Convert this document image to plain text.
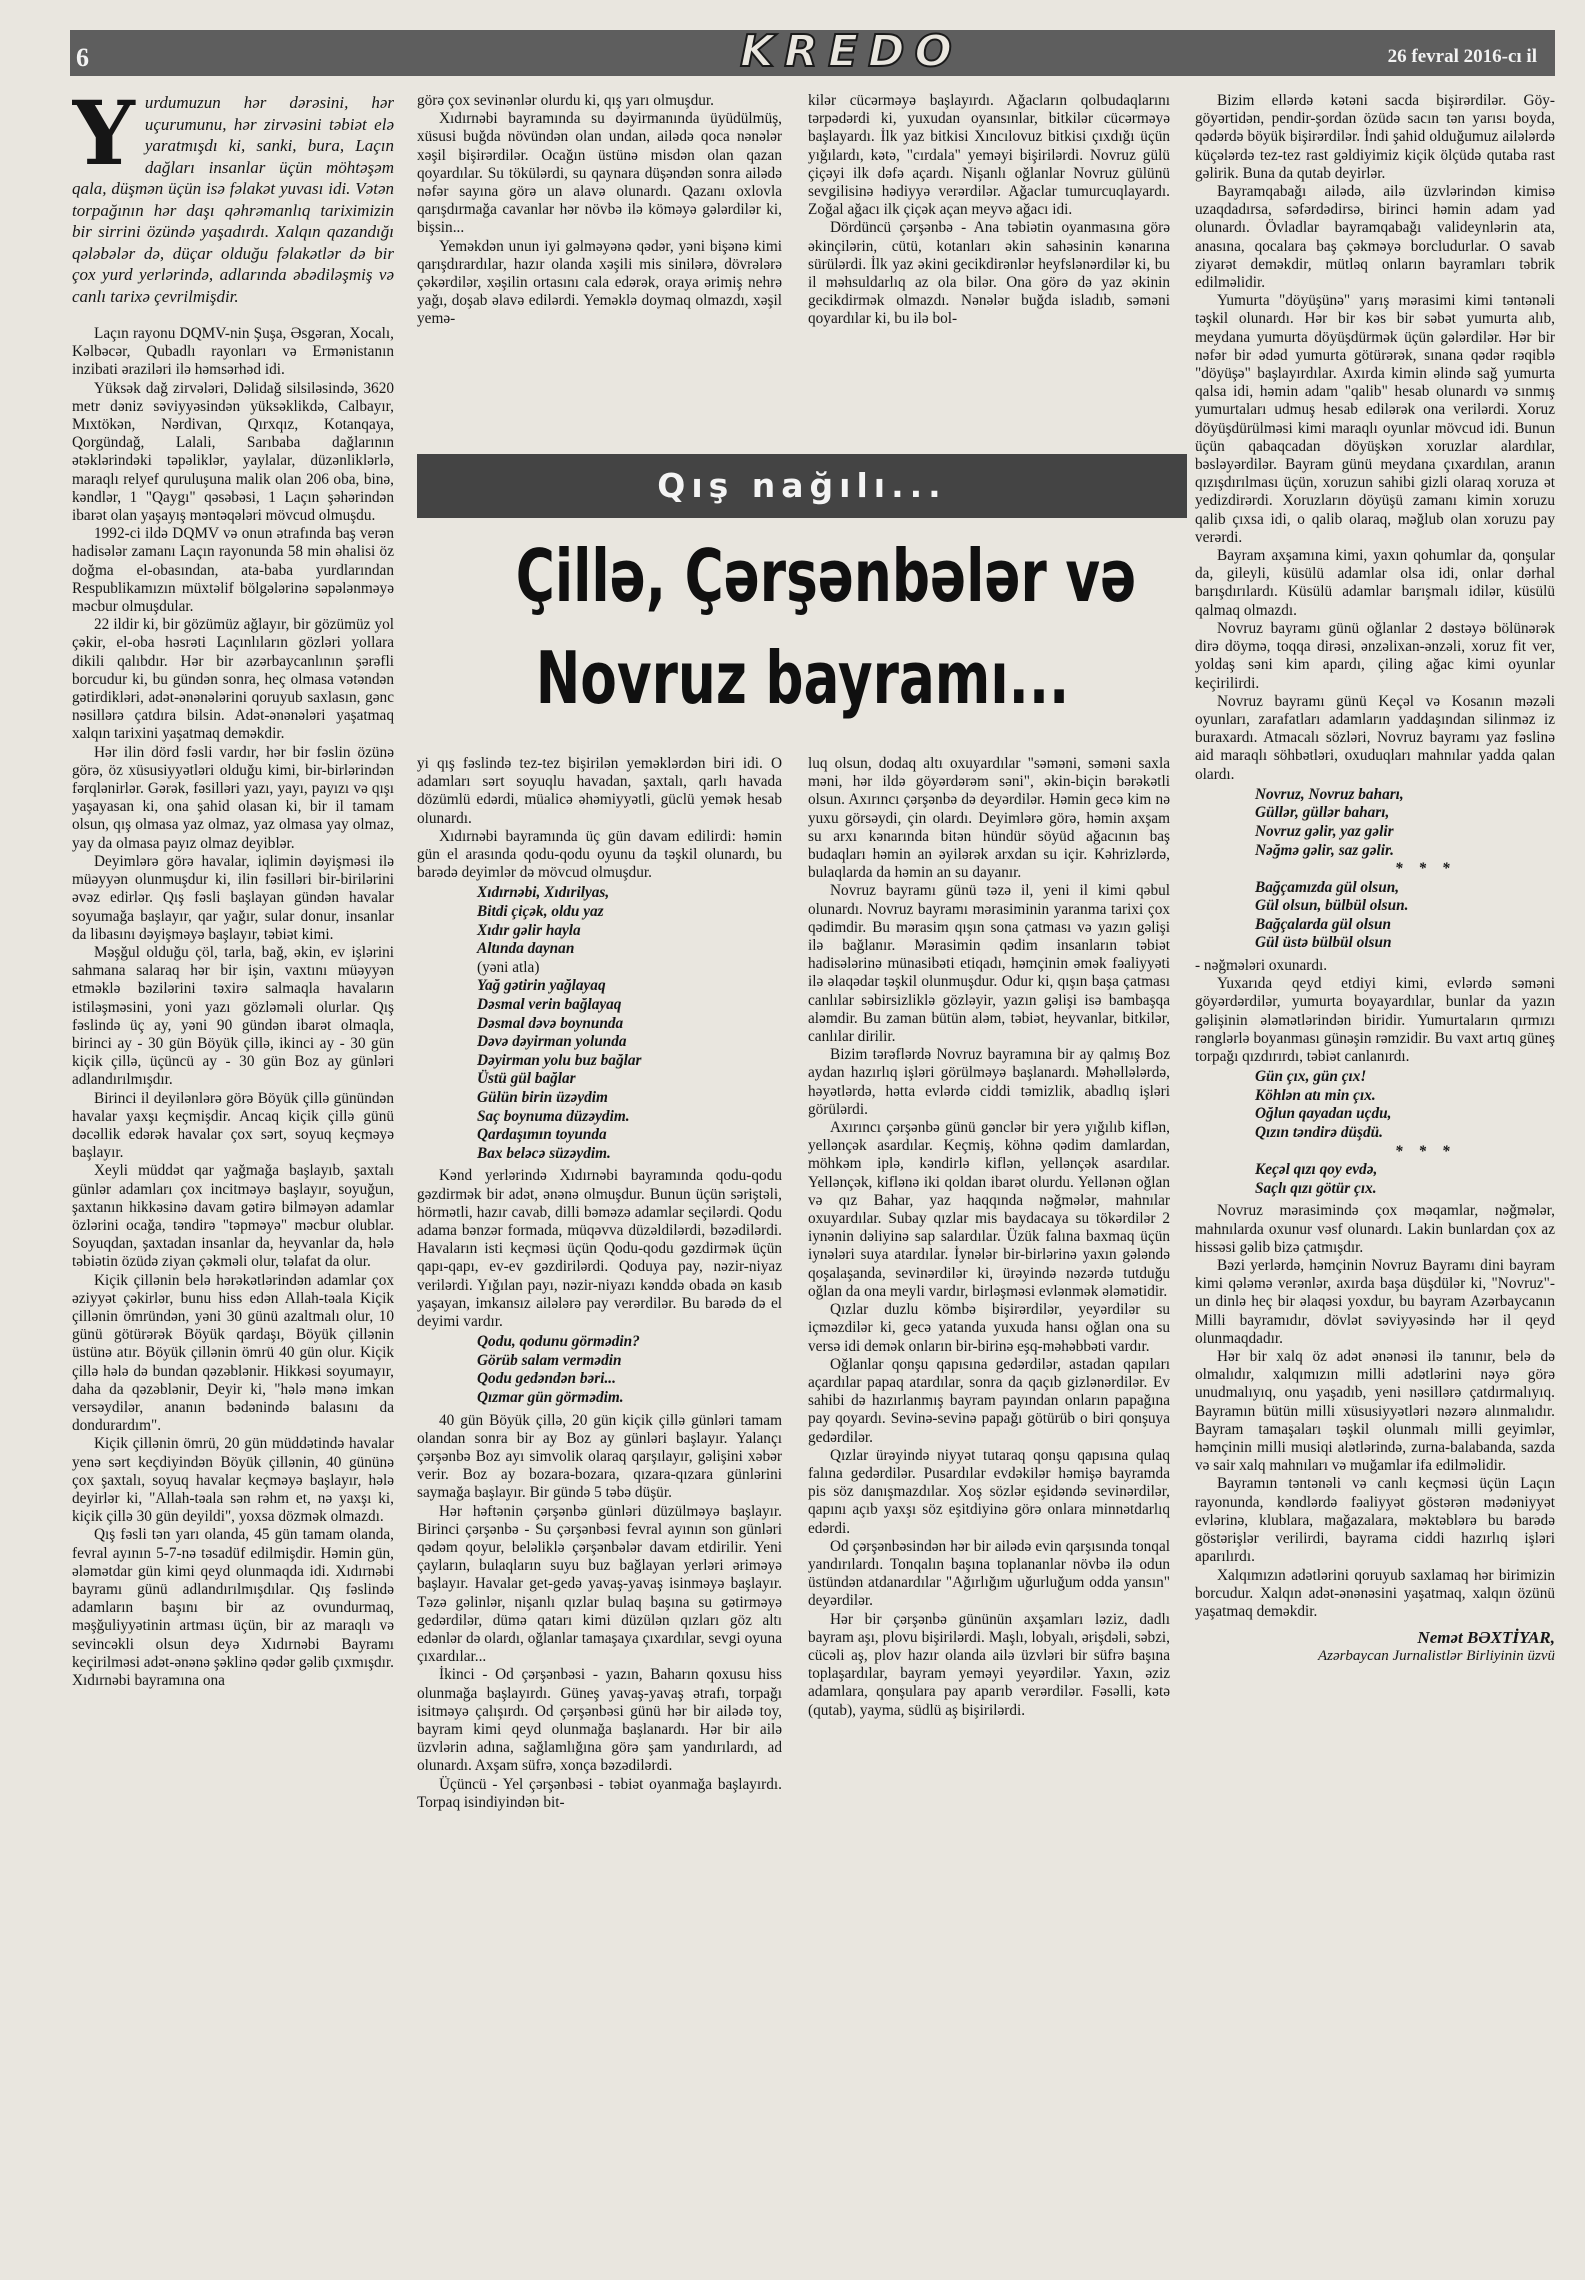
6	KREDO	26 fevral 2016-cı il
Y urdumuzun hər dərəsini, hər uçurumunu, hər zirvəsini təbiət elə yaratmışdı ki, sanki, bura, Laçın dağları insanlar üçün möhtəşəm qala, düşmən üçün isə fəlakət yuvası idi. Vətən torpağının hər daşı qəhrəmanlıq tariximizin bir sirrini özündə yaşadırdı. Xalqın qazandığı qələbələr də, düçar olduğu fəlakətlər də bir çox yurd yerlərində, adlarında əbədiləşmiş və canlı tarixə çevrilmişdir.

Laçın rayonu DQMV-nin Şuşa, Əsgəran, Xocalı, Kəlbəcər, Qubadlı rayonları və Ermənistanın inzibati əraziləri ilə həmsərhəd idi.

Yüksək dağ zirvələri, Dəlidağ silsiləsində, 3620 metr dəniz səviyyəsindən yüksəklikdə, Calbayır, Mıxtökən, Nərdivan, Qırxqız, Kotanqaya, Qorgündağ, Lalali, Sarıbaba dağlarının ətəklərindəki təpəliklər, yaylalar, düzənliklərlə, maraqlı relyef quruluşuna malik olan 206 oba, binə, kəndlər, 1 "Qaygı" qəsəbəsi, 1 Laçın şəhərindən ibarət olan yaşayış məntəqələri mövcud olmuşdu.

1992-ci ildə DQMV və onun ətrafında baş verən hadisələr zamanı Laçın rayonunda 58 min əhalisi öz doğma el-obasından, ata-baba yurdlarından Respublikamızın müxtəlif bölgələrinə səpələnməyə məcbur olmuşdular.

22 ildir ki, bir gözümüz ağlayır, bir gözümüz yol çəkir, el-oba həsrəti Laçınlıların gözləri yollara dikili qalıbdır. Hər bir azərbaycanlının şərəfli borcudur ki, bu gündən sonra, heç olmasa vətəndən gətirdikləri, adət-ənənələrini qoruyub saxlasın, gənc nəsillərə çatdıra bilsin. Adət-ənənələri yaşatmaq xalqın tarixini yaşatmaq deməkdir.

Hər ilin dörd fəsli vardır, hər bir fəslin özünə görə, öz xüsusiyyətləri olduğu kimi, bir-birlərindən fərqlənirlər. Gərək, fəsilləri yazı, yayı, payızı və qışı yaşayasan ki, ona şahid olasan ki, bir il tamam olsun, qış olmasa yaz olmaz, yaz olmasa yay olmaz, yay da olmasa payız olmaz deyiblər.

Deyimlərə görə havalar, iqlimin dəyişməsi ilə müəyyən olunmuşdur ki, ilin fəsilləri bir-birilərini əvəz edirlər. Qış fəsli başlayan gündən havalar soyumağa başlayır, qar yağır, sular donur, insanlar da libasını dəyişməyə başlayır, təbiət kimi.

Məşğul olduğu çöl, tarla, bağ, əkin, ev işlərini sahmana salaraq hər bir işin, vaxtını müəyyən etməklə bəzilərini təxirə salmaqla havaların istiləşməsini, yoni yazı gözləməli olurlar. Qış fəslində üç ay, yəni 90 gündən ibarət olmaqla, birinci ay - 30 gün Böyük çillə, ikinci ay - 30 gün kiçik çillə, üçüncü ay - 30 gün Boz ay günləri adlandırılmışdır.

Birinci il deyilənlərə görə Böyük çillə günündən havalar yaxşı keçmişdir. Ancaq kiçik çillə günü dəcəllik edərək havalar çox sərt, soyuq keçməyə başlayır.

Xeyli müddət qar yağmağa başlayıb, şaxtalı günlər adamları çox incitməyə başlayır, soyuğun, şaxtanın hikkəsinə davam gətirə bilməyən adamlar özlərini ocağa, təndirə "təpməyə" məcbur olublar. Soyuqdan, şaxtadan insanlar da, heyvanlar da, hələ təbiətin özüdə ziyan çəkməli olur, təlafat da olur.

Kiçik çillənin belə hərəkətlərindən adamlar çox əziyyət çəkirlər, bunu hiss edən Allah-təala Kiçik çillənin ömründən, yəni 30 günü azaltmalı olur, 10 günü götürərək Böyük qardaşı, Böyük çillənin üstünə atır. Böyük çillənin ömrü 40 gün olur. Kiçik çillə hələ də bundan qəzəblənir. Hikkəsi soyumayır, daha da qəzəblənir, Deyir ki, "hələ mənə imkan versəydilər, ananın bədənində balasını da dondurardım".

Kiçik çillənin ömrü, 20 gün müddətində havalar yenə sərt keçdiyindən Böyük çillənin, 40 gününə çox şaxtalı, soyuq havalar keçməyə başlayır, hələ deyirlər ki, "Allah-təala sən rəhm et, nə yaxşı ki, kiçik çillə 30 gün deyildi", yoxsa dözmək olmazdı.

Qış fəsli tən yarı olanda, 45 gün tamam olanda, fevral ayının 5-7-nə təsadüf edilmişdir. Həmin gün, ələmətdar gün kimi qeyd olunmaqda idi. Xıdırnəbi bayramı günü adlandırılmışdılar. Qış fəslində adamların başını bir az ovundurmaq, məşğuliyyətinin artması üçün, bir az maraqlı və sevincəkli olsun deyə Xıdırnəbi Bayramı keçirilməsi adət-ənənə şəklinə qədər gəlib çıxmışdır. Xıdırnəbi bayramına ona

görə çox sevinənlər olurdu ki, qış yarı olmuşdur.

Xıdırnəbi bayramında su dəyirmanında üyüdülmüş, xüsusi buğda növündən olan undan, ailədə qoca nənələr xəşil bişirərdilər. Ocağın üstünə misdən olan qazan qoyardılar. Su tökülərdi, su qaynara düşəndən sonra ailədə nəfər sayına görə un alavə olunardı. Qazanı oxlovla qarışdırmağa cavanlar hər növbə ilə köməyə gələrdilər ki, bişsin...

Yeməkdən unun iyi gəlməyənə qədər, yəni bişənə kimi qarışdırardılar, hazır olanda xəşili mis sinilərə, dövrələrə çəkərdilər, xəşilin ortasını cala edərək, oraya ərimiş nehrə yağı, doşab əlavə edilərdi. Yeməklə doymaq olmazdı, xəşil yemə-

kilər cücərməyə başlayırdı. Ağacların qolbudaqlarını tərpədərdi ki, yuxudan oyansınlar, bitkilər cücərməyə başlayardı. İlk yaz bitkisi Xıncılovuz bitkisi çıxdığı üçün yığılardı, kətə, "cırdala" yeməyi bişirilərdi. Novruz gülü çiçəyi ilk dəfə açardı. Nişanlı oğlanlar Novruz gülünü sevgilisinə hədiyyə verərdilər. Ağaclar tumurcuqlayardı. Zoğal ağacı ilk çiçək açan meyvə ağacı idi.

Dördüncü çərşənbə - Ana təbiətin oyanmasına görə əkinçilərin, cütü, kotanları əkin sahəsinin kənarına sürülərdi. İlk yaz əkini gecikdirənlər heyfslənərdilər ki, bu il məhsuldarlıq az ola bilər. Ona görə də yaz əkinin gecikdirmək olmazdı. Nənələr buğda isladıb, səməni qoyardılar ki, bu ilə bol-

Qış nağılı...
Çillə, Çərşənbələr və
Novruz bayramı...

yi qış fəslində tez-tez bişirilən yeməklərdən biri idi. O adamları sərt soyuqlu havadan, şaxtalı, qarlı havada dözümlü edərdi, müalicə əhəmiyyətli, güclü yemək hesab olunardı.

Xıdırnəbi bayramında üç gün davam edilirdi: həmin gün el arasında qodu-qodu oyunu da təşkil olunardı, bu barədə deyimlər də mövcud olmuşdur.

Xıdırnəbi, Xıdırilyas,
Bitdi çiçək, oldu yaz
Xıdır gəlir hayla
Altında daynan
(yəni atla)
Yağ gətirin yağlayaq
Dəsmal verin bağlayaq
Dəsmal dəvə boynunda
Dəvə dəyirman yolunda
Dəyirman yolu buz bağlar
Üstü gül bağlar
Gülün birin üzəydim
Saç boynuma düzəydim.
Qardaşımın toyunda
Bax beləcə süzəydim.

Kənd yerlərində Xıdırnəbi bayramında qodu-qodu gəzdirmək bir adət, ənənə olmuşdur. Bunun üçün səriştəli, hörmətli, hazır cavab, dilli bəməzə adamlar seçilərdi. Qodu adama bənzər formada, müqəvva düzəldilərdi, bəzədilərdi. Havaların isti keçməsi üçün Qodu-qodu gəzdirmək üçün qapı-qapı, ev-ev gəzdirilərdi. Qoduya pay, nəzir-niyaz verilərdi. Yığılan payı, nəzir-niyazı kənddə obada ən kasıb yaşayan, imkansız ailələrə pay verərdilər. Bu barədə də el deyimi vardır.

Qodu, qodunu görmədin?
Görüb salam vermədin
Qodu gedəndən bəri...
Qızmar gün görmədim.

40 gün Böyük çillə, 20 gün kiçik çillə günləri tamam olandan sonra bir ay Boz ay günləri başlayır. Yalançı çərşənbə Boz ayı simvolik olaraq qarşılayır, gəlişini xəbər verir. Boz ay bozara-bozara, qızara-qızara günlərini saymağa başlayır. Bir gündə 5 təbə düşür.

Hər həftənin çərşənbə günləri düzülməyə başlayır. Birinci çərşənbə - Su çərşənbəsi fevral ayının son günləri qədəm qoyur, beləliklə çərşənbələr davam etdirilir. Yeni çayların, bulaqların suyu buz bağlayan yerləri əriməyə başlayır. Havalar get-gedə yavaş-yavaş isinməyə başlayır. Təzə gəlinlər, nişanlı qızlar bulaq başına su gətirməyə gedərdilər, dümə qatarı kimi düzülən qızları göz altı edənlər də olardı, oğlanlar tamaşaya çıxardılar, sevgi oyuna çıxardılar...

İkinci - Od çərşənbəsi - yazın, Baharın qoxusu hiss olunmağa başlayırdı. Güneş yavaş-yavaş ətrafı, torpağı isitməyə çalışırdı. Od çərşənbəsi günü hər bir ailədə toy, bayram kimi qeyd olunmağa başlanardı. Hər bir ailə üzvlərin adına, sağlamlığına görə şam yandırılardı, ad olunardı. Axşam süfrə, xonça bəzədilərdi.

Üçüncü - Yel çərşənbəsi - təbiət oyanmağa başlayırdı. Torpaq isindiyindən bit-

luq olsun, dodaq altı oxuyardılar "səməni, səməni saxla məni, hər ildə göyərdərəm səni", əkin-biçin bərəkətli olsun. Axırıncı çərşənbə də deyərdilər. Həmin gecə kim nə yuxu görsəydi, çin olardı. Deyimlərə görə, həmin axşam su arxı kənarında bitən hündür söyüd ağacının baş budaqları həmin an əyilərək arxdan su içir. Kəhrizlərdə, bulaqlarda da həmin an su dayanır.

Novruz bayramı günü təzə il, yeni il kimi qəbul olunardı. Novruz bayramı mərasiminin yaranma tarixi çox qədimdir. Bu mərasim qışın sona çatması və yazın gəlişi ilə bağlanır. Mərasimin qədim insanların təbiət hadisələrinə münasibəti etiqadı, həmçinin əmək fəaliyyəti ilə əlaqədar təşkil olunmuşdur. Odur ki, qışın başa çatması canlılar səbirsizliklə gözləyir, yazın gəlişi isə bambaşqa aləmdir. Bu zaman bütün aləm, təbiət, heyvanlar, bitkilər, canlılar dirilir.

Bizim tərəflərdə Novruz bayramına bir ay qalmış Boz aydan hazırlıq işləri görülməyə başlanardı. Məhəllələrdə, həyətlərdə, hətta evlərdə ciddi təmizlik, abadlıq işləri görülərdi.

Axırıncı çərşənbə günü gənclər bir yerə yığılıb kiflən, yellənçək asardılar. Keçmiş, köhnə qədim damlardan, möhkəm iplə, kəndirlə kiflən, yellənçək asardılar. Yellənçək, kiflənə iki qoldan ibarət olurdu. Yellənən oğlan və qız Bahar, yaz haqqında nəğmələr, mahnılar oxuyardılar. Subay qızlar mis baydacaya su tökərdilər 2 iynənin dəliyinə sap salardılar. Üzük falına baxmaq üçün iynələri suya atardılar. İynələr bir-birlərinə yaxın gələndə qoşalaşanda, sevinərdilər ki, ürəyində nəzərdə tutduğu oğlan da ona meyli vardır, birləşməsi evlənmək ələmətidir.

Qızlar duzlu kömbə bişirərdilər, yeyərdilər su içməzdilər ki, gecə yatanda yuxuda hansı oğlan ona su versə idi demək onların bir-birinə eşq-məhəbbəti vardır.

Oğlanlar qonşu qapısına gedərdilər, astadan qapıları açardılar papaq atardılar, sonra da qaçıb gizlənərdilər. Ev sahibi də hazırlanmış bayram payından onların papağına pay qoyardı. Sevinə-sevinə papağı götürüb o biri qonşuya gedərdilər.

Qızlar ürəyində niyyət tutaraq qonşu qapısına qulaq falına gedərdilər. Pusardılar evdəkilər həmişə bayramda pis söz danışmazdılar. Xoş sözlər eşidəndə sevinərdilər, qapını açıb yaxşı söz eşitdiyinə görə onlara minnətdarlıq edərdi.

Od çərşənbəsindən hər bir ailədə evin qarşısında tonqal yandırılardı. Tonqalın başına toplananlar növbə ilə odun üstündən atdanardılar "Ağırlığım uğurluğum odda yansın" deyərdilər.

Hər bir çərşənbə gününün axşamları ləziz, dadlı bayram aşı, plovu bişirilərdi. Maşlı, lobyalı, ərişdəli, səbzi, cücəli aş, plov hazır olanda ailə üzvləri bir süfrə başına toplaşardılar, bayram yeməyi yeyərdilər. Yaxın, əziz adamlara, qonşulara pay aparıb verərdilər. Fəsəlli, kətə (qutab), yayma, südlü aş bişirilərdi.

Bizim ellərdə kətəni sacda bişirərdilər. Göy-göyərtidən, pendir-şordan özüdə sacın tən yarısı boyda, qədərdə böyük bişirərdilər. İndi şahid olduğumuz ailələrdə küçələrdə tez-tez rast gəldiyimiz kiçik ölçüdə qutaba rast gəlirik. Buna da qutab deyirlər.

Bayramqabağı ailədə, ailə üzvlərindən kimisə uzaqdadırsa, səfərdədirsə, birinci həmin adam yad olunardı. Övladlar bayramqabağı valideynlərin ata, anasına, qocalara baş çəkməyə borcludurlar. O savab ziyarət deməkdir, mütləq onların bayramları təbrik edilməlidir.

Yumurta "döyüşünə" yarış mərasimi kimi təntənəli təşkil olunardı. Hər bir kəs bir səbət yumurta alıb, meydana yumurta döyüşdürmək üçün gələrdilər. Hər bir nəfər bir ədəd yumurta götürərək, sınana qədər rəqiblə "döyüşə" başlayırdılar. Axırda kimin əlində sağ yumurta qalsa idi, həmin adam "qalib" hesab olunardı və sınmış yumurtaları udmuş hesab edilərək ona verilərdi. Xoruz döyüşdürülməsi kimi maraqlı oyunlar mövcud idi. Bunun üçün qabaqcadan döyüşkən xoruzlar alardılar, bəsləyərdilər. Bayram günü meydana çıxardılan, aranın qızışdırılması üçün, xoruzun sahibi gizli olaraq xoruza ət yedizdirərdi. Xoruzların döyüşü zamanı kimin xoruzu qalib çıxsa idi, o qalib olaraq, məğlub olan xoruzu pay verərdi.

Bayram axşamına kimi, yaxın qohumlar da, qonşular da, gileyli, küsülü adamlar olsa idi, onlar dərhal barışdırılardı. Küsülü adamlar barışmalı idilər, küsülü qalmaq olmazdı.

Novruz bayramı günü oğlanlar 2 dəstəyə bölünərək dirə döymə, toqqa dirəsi, ənzəlixan-ənzəli, xoruz fit ver, yoldaş səni kim apardı, çiling ağac kimi oyunlar keçirilirdi.

Novruz bayramı günü Keçəl və Kosanın məzəli oyunları, zarafatları adamların yaddaşından silinməz iz buraxardı. Atmacalı sözləri, Novruz bayramı yaz fəslinə aid maraqlı söhbətləri, oxuduqları mahnılar yadda qalan olardı.

Novruz, Novruz baharı,
Güllər, güllər baharı,
Novruz gəlir, yaz gəlir
Nəğmə gəlir, saz gəlir.
* * *
Bağçamızda gül olsun,
Gül olsun, bülbül olsun.
Bağçalarda gül olsun
Gül üstə bülbül olsun
- nəğmələri oxunardı.

Yuxarıda qeyd etdiyi kimi, evlərdə səməni göyərdərdilər, yumurta boyayardılar, bunlar da yazın gəlişinin ələmətlərindən biridir. Yumurtaların qırmızı rənglərlə boyanması günəşin rəmzidir. Bu vaxt artıq güneş torpağı qızdırırdı, təbiət canlanırdı.

Gün çıx, gün çıx!
Köhlən atı min çıx.
Oğlun qayadan uçdu,
Qızın təndirə düşdü.
* * *
Keçəl qızı qoy evdə,
Saçlı qızı götür çıx.

Novruz mərasimində çox məqamlar, nəğmələr, mahnılarda oxunur vəsf olunardı. Lakin bunlardan çox az hissəsi gəlib bizə çatmışdır.

Bəzi yerlərdə, həmçinin Novruz Bayramı dini bayram kimi qələmə verənlər, axırda başa düşdülər ki, "Novruz"-un dinlə heç bir əlaqəsi yoxdur, bu bayram Azərbaycanın Milli bayramıdır, dövlət səviyyəsində hər il qeyd olunmaqdadır.

Hər bir xalq öz adət ənənəsi ilə tanınır, belə də olmalıdır, xalqımızın milli adətlərini nəyə görə unudmalıyıq, onu yaşadıb, yeni nəsillərə çatdırmalıyıq. Bayramın bütün milli xüsusiyyətləri nəzərə alınmalıdır. Bayram tamaşaları təşkil olunmalı milli geyimlər, həmçinin milli musiqi alətlərində, zurna-balabanda, sazda və sair xalq mahnıları və muğamlar ifa edilməlidir.

Bayramın təntənəli və canlı keçməsi üçün Laçın rayonunda, kəndlərdə fəaliyyət göstərən mədəniyyət evlərinə, klublara, mağazalara, məktəblərə bu barədə göstərişlər verilirdi, bayrama ciddi hazırlıq işləri aparılırdı.

Xalqımızın adətlərini qoruyub saxlamaq hər birimizin borcudur. Xalqın adət-ənənəsini yaşatmaq, xalqın özünü yaşatmaq deməkdir.

Nemət BƏXTİYAR,
Azərbaycan Jurnalistlər Birliyinin üzvü
